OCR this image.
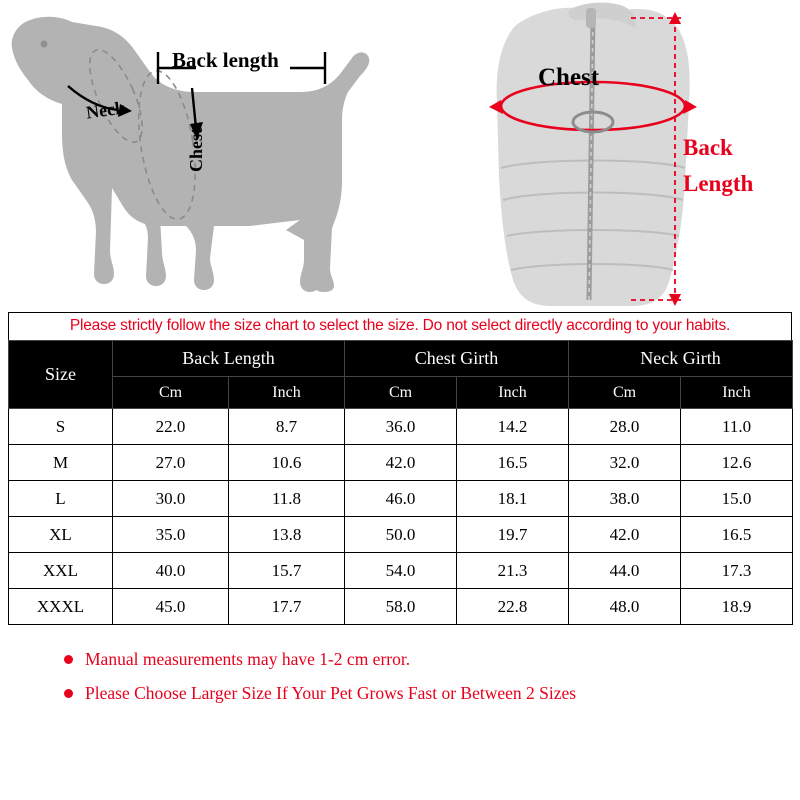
Back length
Neck
Chest
Chest
Back
Length
Please strictly follow the size chart to select the size. Do not select directly according to your habits.
Size	Back Length		Chest Girth		Neck Girth	
	Cm	Inch	Cm	Inch	Cm	Inch
S	22.0	8.7	36.0	14.2	28.0	11.0
M	27.0	10.6	42.0	16.5	32.0	12.6
L	30.0	11.8	46.0	18.1	38.0	15.0
XL	35.0	13.8	50.0	19.7	42.0	16.5
XXL	40.0	15.7	54.0	21.3	44.0	17.3
XXXL	45.0	17.7	58.0	22.8	48.0	18.9
Manual measurements may have 1-2 cm error.
Please Choose Larger Size If Your Pet Grows Fast or Between 2 Sizes
